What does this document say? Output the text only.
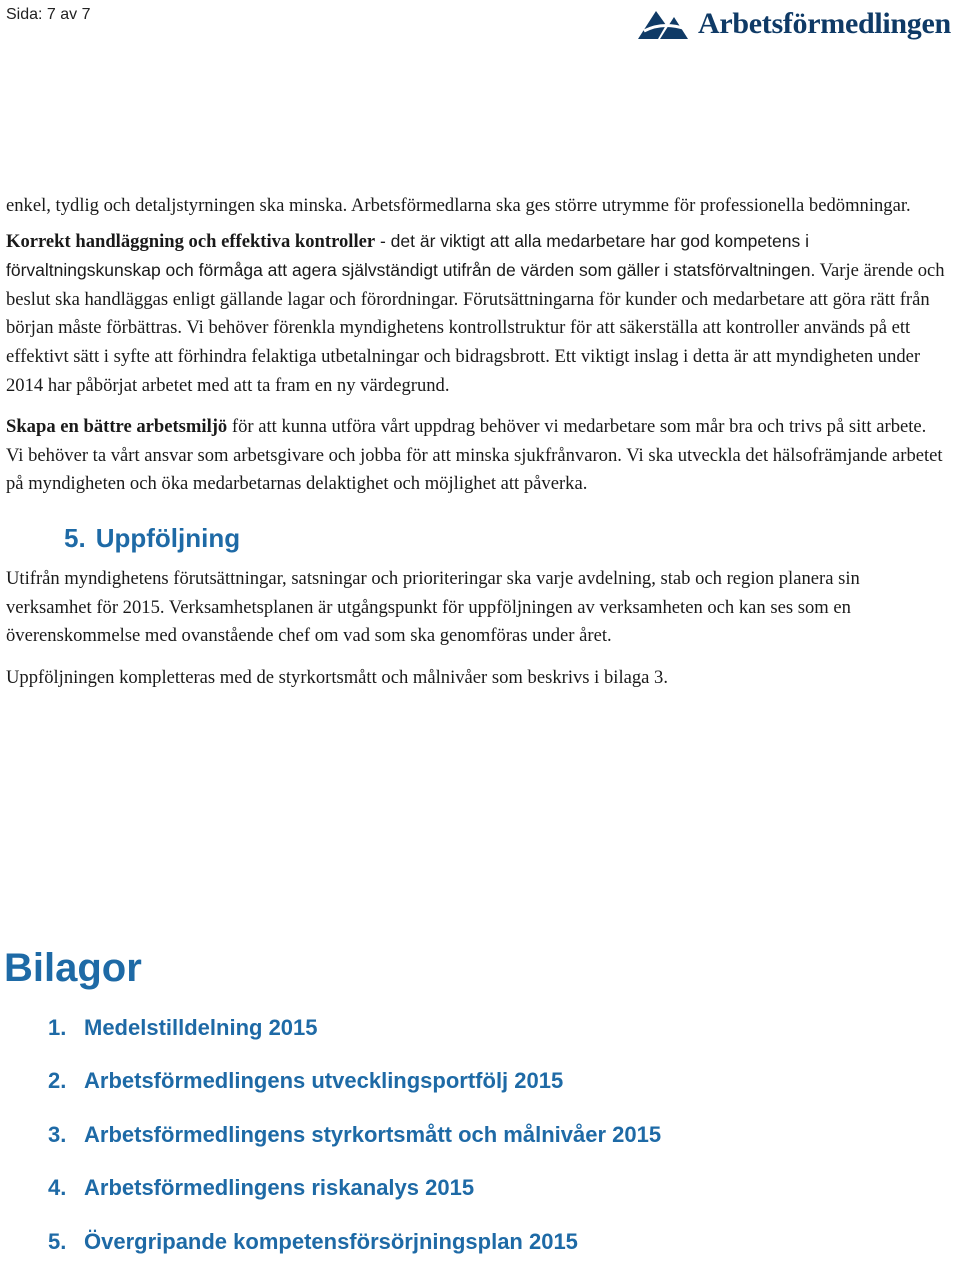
Sida: 7 av 7	Arbetsförmedlingen

enkel, tydlig och detaljstyrningen ska minska. Arbetsförmedlarna ska ges större utrymme för professionella bedömningar.

Korrekt handläggning och effektiva kontroller - det är viktigt att alla medarbetare har god kompetens i förvaltningskunskap och förmåga att agera självständigt utifrån de värden som gäller i statsförvaltningen. Varje ärende och beslut ska handläggas enligt gällande lagar och förordningar. Förutsättningarna för kunder och medarbetare att göra rätt från början måste förbättras. Vi behöver förenkla myndighetens kontrollstruktur för att säkerställa att kontroller används på ett effektivt sätt i syfte att förhindra felaktiga utbetalningar och bidragsbrott. Ett viktigt inslag i detta är att myndigheten under 2014 har påbörjat arbetet med att ta fram en ny värdegrund.

Skapa en bättre arbetsmiljö för att kunna utföra vårt uppdrag behöver vi medarbetare som mår bra och trivs på sitt arbete. Vi behöver ta vårt ansvar som arbetsgivare och jobba för att minska sjukfrånvaron. Vi ska utveckla det hälsofrämjande arbetet på myndigheten och öka medarbetarnas delaktighet och möjlighet att påverka.

5. Uppföljning

Utifrån myndighetens förutsättningar, satsningar och prioriteringar ska varje avdelning, stab och region planera sin verksamhet för 2015. Verksamhetsplanen är utgångspunkt för uppföljningen av verksamheten och kan ses som en överenskommelse med ovanstående chef om vad som ska genomföras under året.

Uppföljningen kompletteras med de styrkortsmått och målnivåer som beskrivs i bilaga 3.

Bilagor
1. Medelstilldelning 2015
2. Arbetsförmedlingens utvecklingsportfölj 2015
3. Arbetsförmedlingens styrkortsmått och målnivåer 2015
4. Arbetsförmedlingens riskanalys 2015
5. Övergripande kompetensförsörjningsplan 2015
